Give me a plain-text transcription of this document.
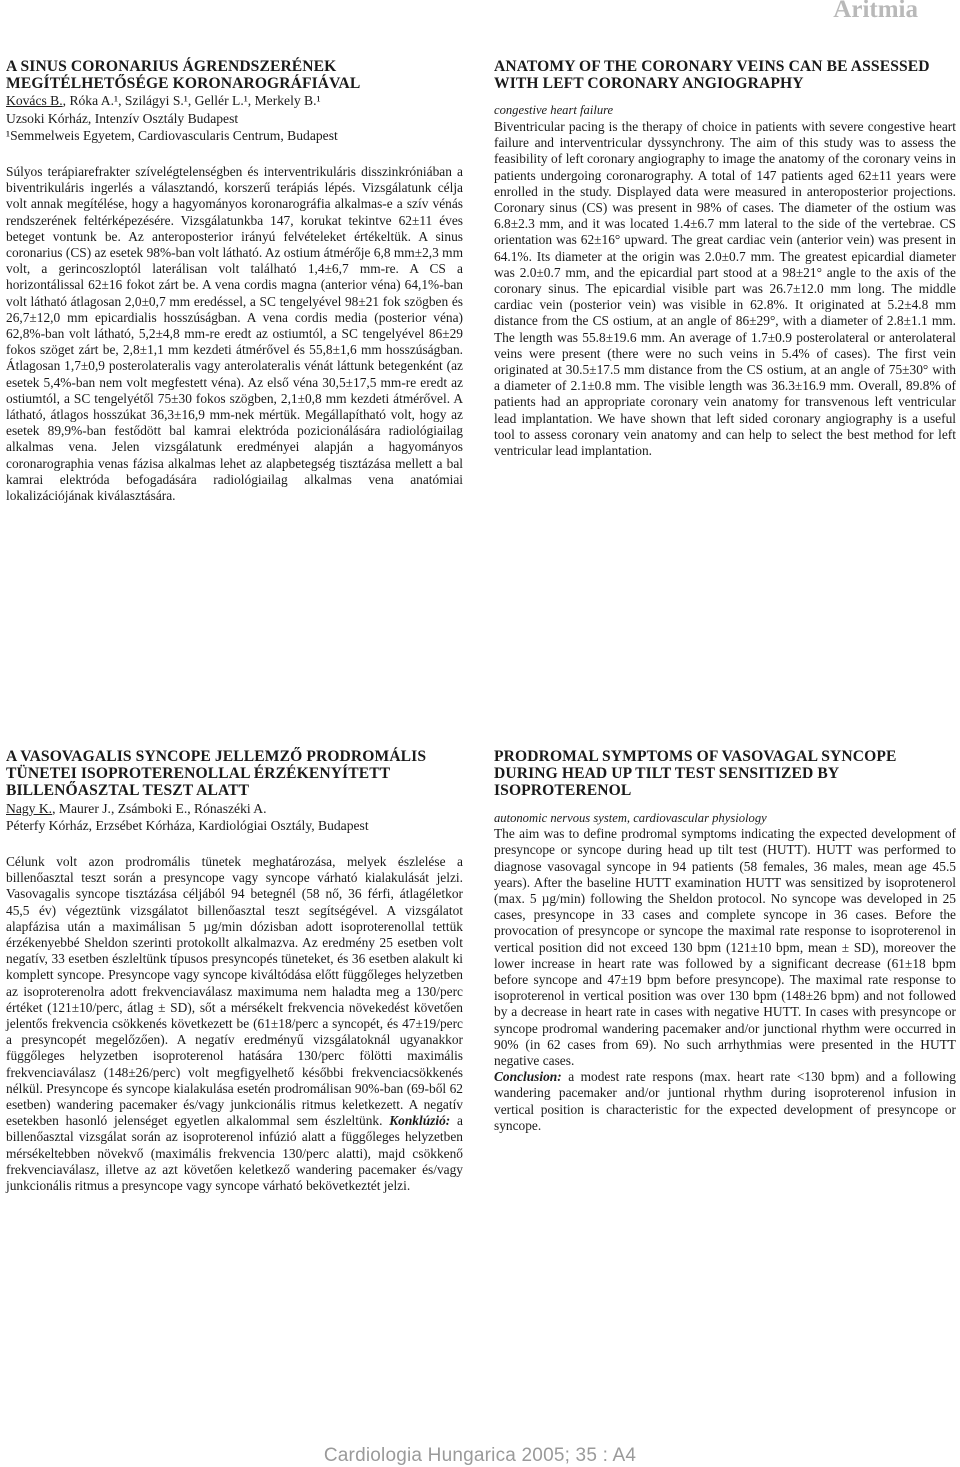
Aritmia
A SINUS CORONARIUS ÁGRENDSZERÉNEK MEGÍTÉLHETŐSÉGE KORONAROGRÁFIÁVAL

Kovács B., Róka A.¹, Szilágyi S.¹, Gellér L.¹, Merkely B.¹

Uzsoki Kórház, Intenzív Osztály Budapest

¹Semmelweis Egyetem, Cardiovascularis Centrum, Budapest

Súlyos terápiarefrakter szívelégtelenségben és interventrikuláris disszinkróniában a biventrikuláris ingerlés a választandó, korszerű terápiás lépés. Vizsgálatunk célja volt annak megítélése, hogy a hagyományos koronarográfia alkalmas-e a szív vénás rendszerének feltérképezésére. Vizsgálatunkba 147, korukat tekintve 62±11 éves beteget vontunk be. Az anteroposterior irányú felvételeket értékeltük. A sinus coronarius (CS) az esetek 98%-ban volt látható. Az ostium átmérője 6,8 mm±2,3 mm volt, a gerincoszloptól laterálisan volt található 1,4±6,7 mm-re. A CS a horizontálissal 62±16 fokot zárt be. A vena cordis magna (anterior véna) 64,1%-ban volt látható átlagosan 2,0±0,7 mm eredéssel, a SC tengelyével 98±21 fok szögben és 26,7±12,0 mm epicardialis hosszúságban. A vena cordis media (posterior véna) 62,8%-ban volt látható, 5,2±4,8 mm-re eredt az ostiumtól, a SC tengelyével 86±29 fokos szöget zárt be, 2,8±1,1 mm kezdeti átmérővel és 55,8±1,6 mm hosszúságban. Átlagosan 1,7±0,9 posterolateralis vagy anterolateralis vénát láttunk betegenként (az esetek 5,4%-ban nem volt megfestett véna). Az első véna 30,5±17,5 mm-re eredt az ostiumtól, a SC tengelyétől 75±30 fokos szögben, 2,1±0,8 mm kezdeti átmérővel. A látható, átlagos hosszúkat 36,3±16,9 mm-nek mértük. Megállapítható volt, hogy az esetek 89,9%-ban festődött bal kamrai elektróda pozicionálására radiológiailag alkalmas vena. Jelen vizsgálatunk eredményei alapján a hagyományos coronarographia venas fázisa alkalmas lehet az alapbetegség tisztázása mellett a bal kamrai elektróda befogadására radiológiailag alkalmas vena anatómiai lokalizációjának kiválasztására.

ANATOMY OF THE CORONARY VEINS CAN BE ASSESSED WITH LEFT CORONARY ANGIOGRAPHY

congestive heart failure

Biventricular pacing is the therapy of choice in patients with severe congestive heart failure and interventricular dyssynchrony. The aim of this study was to assess the feasibility of left coronary angiography to image the anatomy of the coronary veins in patients undergoing coronarography. A total of 147 patients aged 62±11 years were enrolled in the study. Displayed data were measured in anteroposterior projections. Coronary sinus (CS) was present in 98% of cases. The diameter of the ostium was 6.8±2.3 mm, and it was located 1.4±6.7 mm lateral to the side of the vertebrae. CS orientation was 62±16° upward. The great cardiac vein (anterior vein) was present in 64.1%. Its diameter at the origin was 2.0±0.7 mm. The greatest epicardial diameter was 2.0±0.7 mm, and the epicardial part stood at a 98±21° angle to the axis of the coronary sinus. The epicardial visible part was 26.7±12.0 mm long. The middle cardiac vein (posterior vein) was visible in 62.8%. It originated at 5.2±4.8 mm distance from the CS ostium, at an angle of 86±29°, with a diameter of 2.8±1.1 mm. The length was 55.8±19.6 mm. An average of 1.7±0.9 posterolateral or anterolateral veins were present (there were no such veins in 5.4% of cases). The first vein originated at 30.5±17.5 mm distance from the CS ostium, at an angle of 75±30° with a diameter of 2.1±0.8 mm. The visible length was 36.3±16.9 mm. Overall, 89.8% of patients had an appropriate coronary vein anatomy for transvenous left ventricular lead implantation. We have shown that left sided coronary angiography is a useful tool to assess coronary vein anatomy and can help to select the best method for left ventricular lead implantation.

A VASOVAGALIS SYNCOPE JELLEMZŐ PRODROMÁLIS TÜNETEI ISOPROTERENOLLAL ÉRZÉKENYÍTETT BILLENŐASZTAL TESZT ALATT

Nagy K., Maurer J., Zsámboki E., Rónaszéki A.

Péterfy Kórház, Erzsébet Kórháza, Kardiológiai Osztály, Budapest

Célunk volt azon prodromális tünetek meghatározása, melyek észlelése a billenőasztal teszt során a presyncope vagy syncope várható kialakulását jelzi. Vasovagalis syncope tisztázása céljából 94 betegnél (58 nő, 36 férfi, átlagéletkor 45,5 év) végeztünk vizsgálatot billenőasztal teszt segítségével. A vizsgálatot alapfázisa után a maximálisan 5 µg/min dózisban adott isoproterenollal tettük érzékenyebbé Sheldon szerinti protokollt alkalmazva. Az eredmény 25 esetben volt negatív, 33 esetben észleltünk típusos presyncopés tüneteket, és 36 esetben alakult ki komplett syncope. Presyncope vagy syncope kiváltódása előtt függőleges helyzetben az isoproterenolra adott frekvenciaválasz maximuma nem haladta meg a 130/perc értéket (121±10/perc, átlag ± SD), sőt a mérsékelt frekvencia növekedést követően jelentős frekvencia csökkenés következett be (61±18/perc a syncopét, és 47±19/perc a presyncopét megelőzően). A negatív eredményű vizsgálatoknál ugyanakkor függőleges helyzetben isoproterenol hatására 130/perc fölötti maximális frekvenciaválasz (148±26/perc) volt megfigyelhető későbbi frekvenciacsökkenés nélkül. Presyncope és syncope kialakulása esetén prodromálisan 90%-ban (69-ből 62 esetben) wandering pacemaker és/vagy junkcionális ritmus keletkezett. A negatív esetekben hasonló jelenséget egyetlen alkalommal sem észleltünk. Konklúzió: a billenőasztal vizsgálat során az isoproterenol infúzió alatt a függőleges helyzetben mérsékeltebben növekvő (maximális frekvencia 130/perc alatti), majd csökkenő frekvenciaválasz, illetve az azt követően keletkező wandering pacemaker és/vagy junkcionális ritmus a presyncope vagy syncope várható bekövetkeztét jelzi.

PRODROMAL SYMPTOMS OF VASOVAGAL SYNCOPE DURING HEAD UP TILT TEST SENSITIZED BY ISOPROTERENOL

autonomic nervous system, cardiovascular physiology

The aim was to define prodromal symptoms indicating the expected development of presyncope or syncope during head up tilt test (HUTT). HUTT was performed to diagnose vasovagal syncope in 94 patients (58 females, 36 males, mean age 45.5 years). After the baseline HUTT examination HUTT was sensitized by isoprotenerol (max. 5 µg/min) following the Sheldon protocol. No syncope was developed in 25 cases, presyncope in 33 cases and complete syncope in 36 cases. Before the provocation of presyncope or syncope the maximal rate response to isoproterenol in vertical position did not exceed 130 bpm (121±10 bpm, mean ± SD), moreover the lower increase in heart rate was followed by a significant decrease (61±18 bpm before syncope and 47±19 bpm before presyncope). The maximal rate response to isoproterenol in vertical position was over 130 bpm (148±26 bpm) and not followed by a decrease in heart rate in cases with negative HUTT. In cases with presyncope or syncope prodromal wandering pacemaker and/or junctional rhythm were occurred in 90% (in 62 cases from 69). No such arrhythmias were presented in the HUTT negative cases.
Conclusion: a modest rate respons (max. heart rate <130 bpm) and a following wandering pacemaker and/or juntional rhythm during isoproterenol infusion in vertical position is characteristic for the expected development of presyncope or syncope.

Cardiologia Hungarica 2005; 35 : A4
